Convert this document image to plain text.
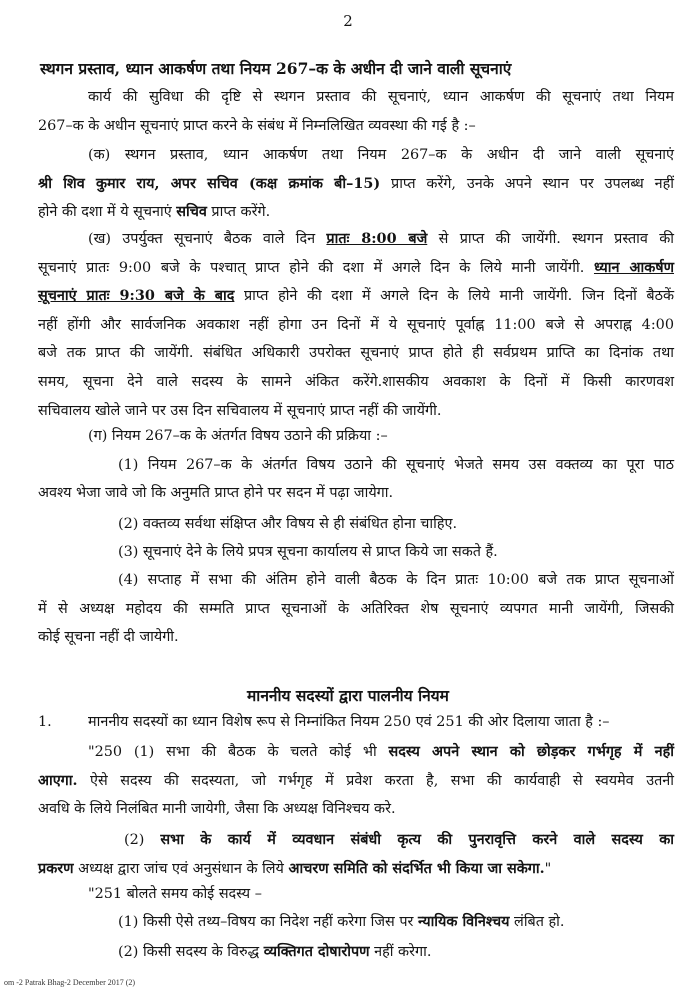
2
स्थगन प्रस्ताव, ध्यान आकर्षण तथा नियम 267–क के अधीन दी जाने वाली सूचनाएं
कार्य की सुविधा की दृष्टि से स्थगन प्रस्ताव की सूचनाएं, ध्यान आकर्षण की सूचनाएं तथा नियम
267–क के अधीन सूचनाएं प्राप्त करने के संबंध में निम्नलिखित व्यवस्था की गई है :–
(क) स्थगन प्रस्ताव, ध्यान आकर्षण तथा नियम 267–क के अधीन दी जाने वाली सूचनाएं
श्री शिव कुमार राय, अपर सचिव (कक्ष क्रमांक बी–15) प्राप्त करेंगे, उनके अपने स्थान पर उपलब्ध नहीं
होने की दशा में ये सूचनाएं सचिव प्राप्त करेंगे.
(ख) उपर्युक्त सूचनाएं बैठक वाले दिन प्रातः 8:00 बजे से प्राप्त की जायेंगी. स्थगन प्रस्ताव की
सूचनाएं प्रातः 9:00 बजे के पश्चात् प्राप्त होने की दशा में अगले दिन के लिये मानी जायेंगी. ध्यान आकर्षण
सूचनाएं प्रातः 9:30 बजे के बाद प्राप्त होने की दशा में अगले दिन के लिये मानी जायेंगी. जिन दिनों बैठकें
नहीं होंगी और सार्वजनिक अवकाश नहीं होगा उन दिनों में ये सूचनाएं पूर्वाह्न 11:00 बजे से अपराह्न 4:00
बजे तक प्राप्त की जायेंगी. संबंधित अधिकारी उपरोक्त सूचनाएं प्राप्त होते ही सर्वप्रथम प्राप्ति का दिनांक तथा
समय, सूचना देने वाले सदस्य के सामने अंकित करेंगे.शासकीय अवकाश के दिनों में किसी कारणवश
सचिवालय खोले जाने पर उस दिन सचिवालय में सूचनाएं प्राप्त नहीं की जायेंगी.
(ग) नियम 267–क के अंतर्गत विषय उठाने की प्रक्रिया :–
(1) नियम 267–क के अंतर्गत विषय उठाने की सूचनाएं भेजते समय उस वक्तव्य का पूरा पाठ
अवश्य भेजा जावे जो कि अनुमति प्राप्त होने पर सदन में पढ़ा जायेगा.
(2) वक्तव्य सर्वथा संक्षिप्त और विषय से ही संबंधित होना चाहिए.
(3) सूचनाएं देने के लिये प्रपत्र सूचना कार्यालय से प्राप्त किये जा सकते हैं.
(4) सप्ताह में सभा की अंतिम होने वाली बैठक के दिन प्रातः 10:00 बजे तक प्राप्त सूचनाओं
में से अध्यक्ष महोदय की सम्मति प्राप्त सूचनाओं के अतिरिक्त शेष सूचनाएं व्यपगत मानी जायेंगी, जिसकी
कोई सूचना नहीं दी जायेगी.
माननीय सदस्यों द्वारा पालनीय नियम
1.	माननीय सदस्यों का ध्यान विशेष रूप से निम्नांकित नियम 250 एवं 251 की ओर दिलाया जाता है :–
"250 (1) सभा की बैठक के चलते कोई भी सदस्य अपने स्थान को छोड़कर गर्भगृह में नहीं
आएगा. ऐसे सदस्य की सदस्यता, जो गर्भगृह में प्रवेश करता है, सभा की कार्यवाही से स्वयमेव उतनी
अवधि के लिये निलंबित मानी जायेगी, जैसा कि अध्यक्ष विनिश्चय करे.
(2) सभा के कार्य में व्यवधान संबंधी कृत्य की पुनरावृत्ति करने वाले सदस्य का
प्रकरण अध्यक्ष द्वारा जांच एवं अनुसंधान के लिये आचरण समिति को संदर्भित भी किया जा सकेगा."
"251 बोलते समय कोई सदस्य –
(1) किसी ऐसे तथ्य–विषय का निदेश नहीं करेगा जिस पर न्यायिक विनिश्चय लंबित हो.
(2) किसी सदस्य के विरुद्ध व्यक्तिगत दोषारोपण नहीं करेगा.
om -2 Patrak Bhag-2 December 2017 (2)
